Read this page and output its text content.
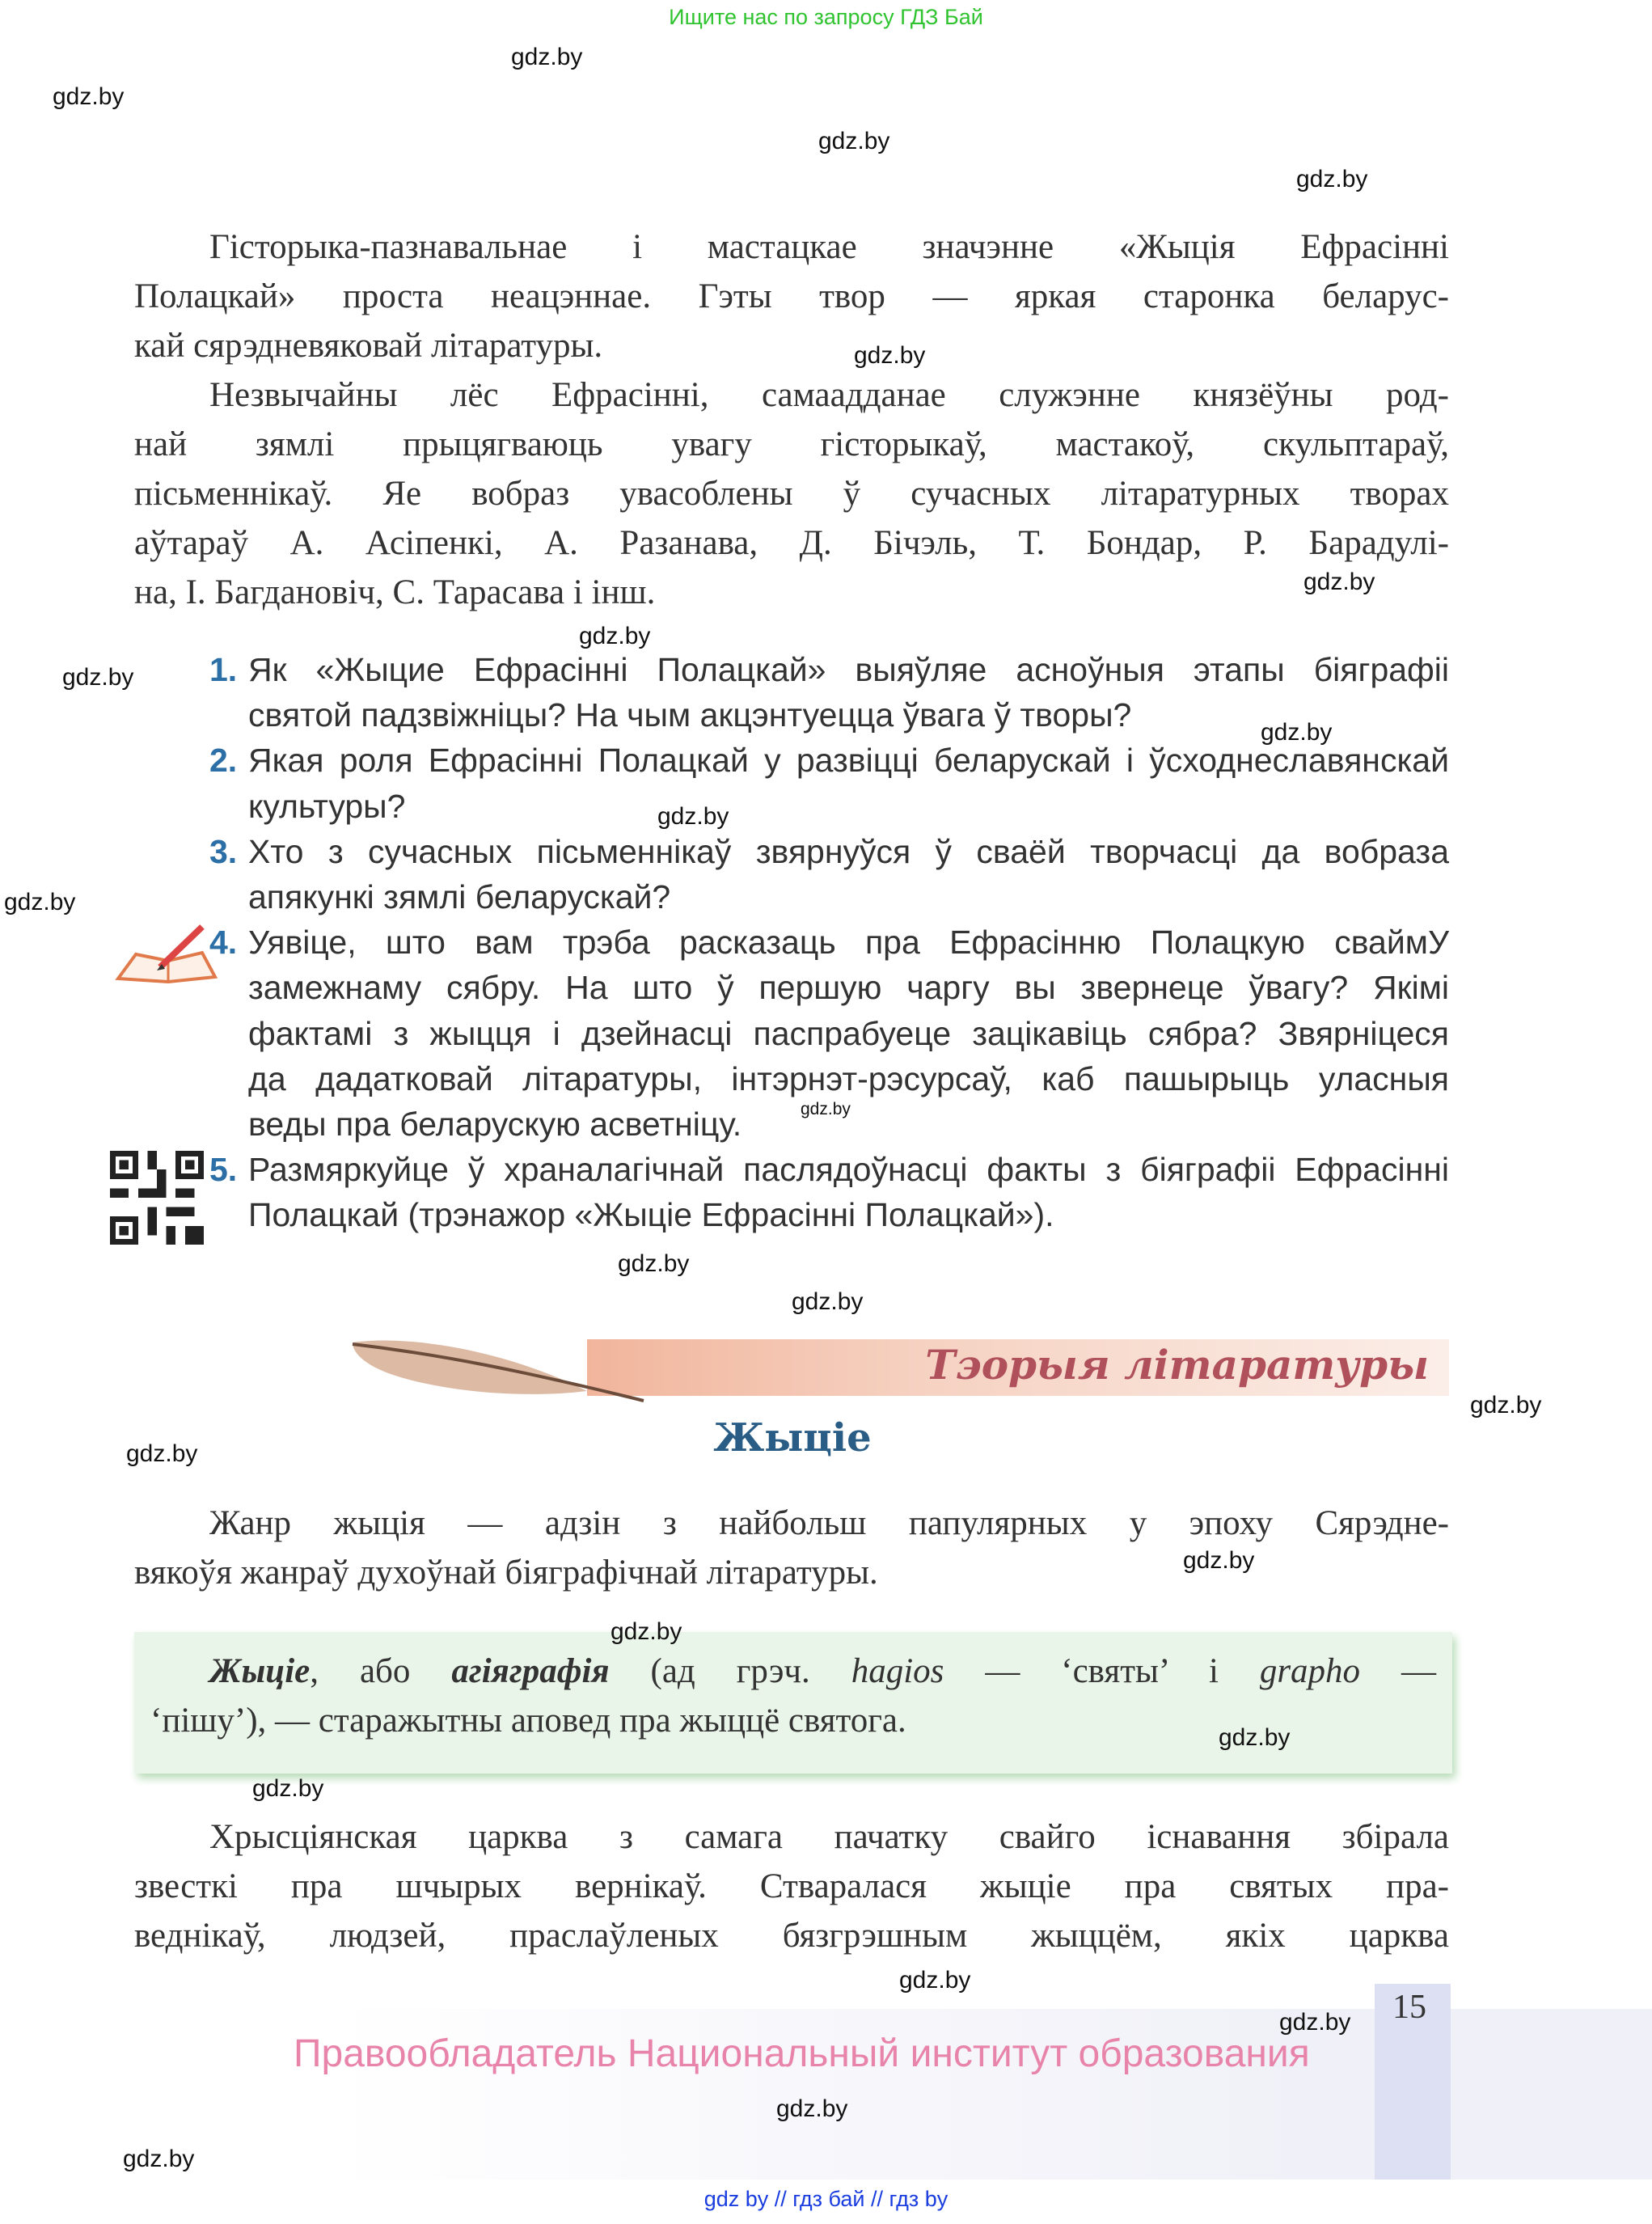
Ищите нас по запросу ГДЗ Бай
Гісторыка-пазнавальнае і мастацкае значэнне «Жыція Ефрасінні
Полацкай» проста неацэннае. Гэты твор — яркая старонка беларус-
кай сярэдневяковай літаратуры.
Незвычайны лёс Ефрасінні, самаадданае служэнне князёўны род-
най зямлі прыцягваюць увагу гісторыкаў, мастакоў, скульптараў,
пісьменнікаў. Яе вобраз увасоблены ў сучасных літаратурных творах
аўтараў А. Асіпенкі, А. Разанава, Д. Бічэль, Т. Бондар, Р. Барадулі-
на, І. Багдановіч, С. Тарасава і інш.
1. Як «Жыцие Ефрасінні Полацкай» выяўляе асноўныя этапы біяграфіі
святой падзвіжніцы? На чым акцэнтуецца ўвага ў творы?
2. Якая роля Ефрасінні Полацкай у развіцці беларускай і ўсходнеславянскай
культуры?
3. Хто з сучасных пісьменнікаў звярнуўся ў сваёй творчасці да вобраза
апякункі зямлі беларускай?
4. Уявіце, што вам трэба расказаць пра Ефрасінню Полацкую сваймУ
замежнаму сябру. На што ў першую чаргу вы звернеце ўвагу? Якімі
фактамі з жыцця і дзейнасці паспрабуеце зацікавіць сябра? Звярніцеся
да дадатковай літаратуры, інтэрнэт-рэсурсаў, каб пашырыць уласныя
веды пра беларускую асветніцу.
5. Размяркуйце ў храналагічнай паслядоўнасці факты з біяграфіі Ефрасінні
Полацкай (трэнажор «Жыціе Ефрасінні Полацкай»).
Тэорыя літаратуры
Жыціе
Жанр жыція — адзін з найбольш папулярных у эпоху Сярэдне-
вякоўя жанраў духоўнай біяграфічнай літаратуры.
Жыціе, або агіяграфія (ад грэч. hagios — ‘святы’ і grapho —
‘пішу’), — старажытны аповед пра жыццё святога.
Хрысціянская царква з самага пачатку свайго існавання збірала
звесткі пра шчырых вернікаў. Стваралася жыціе пра святых пра-
веднікаў, людзей, праслаўленых бязгрэшным жыццём, якіх царква
15
Правообладатель Национальный институт образования
gdz by // гдз бай // гдз by
gdz.by
gdz.by
gdz.by
gdz.by
gdz.by
gdz.by
gdz.by
gdz.by
gdz.by
gdz.by
gdz.by
gdz.by
gdz.by
gdz.by
gdz.by
gdz.by
gdz.by
gdz.by
gdz.by
gdz.by
gdz.by
gdz.by
gdz.by
gdz.by
